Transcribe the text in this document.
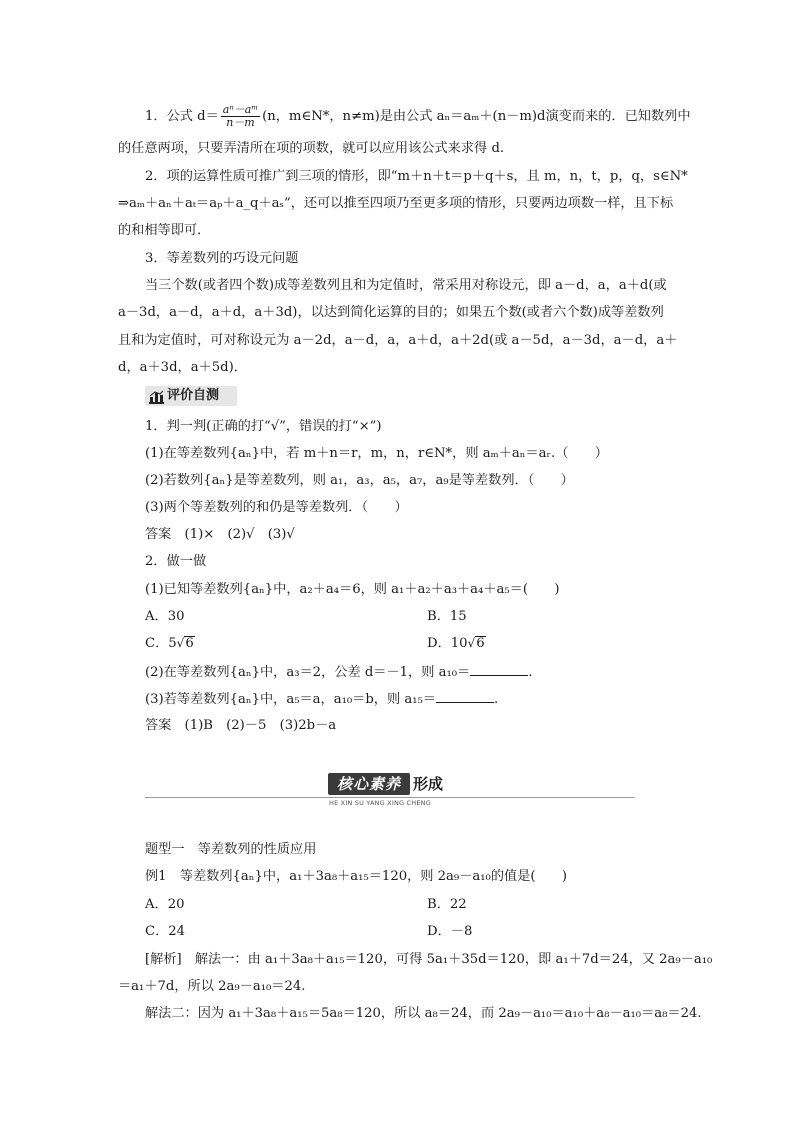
1．公式 $d= \frac{\text{aⁿ－aᵐ}}{n-m} (n$，m∈N*，n≠m)是由公式 aₙ＝aₘ＋(n－m)d演变而来的．已知数列中
的任意两项，只要弄清所在项的项数，就可以应用该公式来求得 d.
2．项的运算性质可推广到三项的情形，即“m＋n＋t＝p＋q＋s，且 m，n，t，p，q，s∈N*
⇒aₘ＋aₙ＋aₜ＝aₚ＋a_q＋aₛ”，还可以推至四项乃至更多项的情形，只要两边项数一样，且下标
的和相等即可．
3．等差数列的巧设元问题
当三个数(或者四个数)成等差数列且和为定值时，常采用对称设元，即 a－d，a，a＋d(或
a－3d，a－d，a＋d，a＋3d)，以达到简化运算的目的；如果五个数(或者六个数)成等差数列
且和为定值时，可对称设元为 a－2d，a－d，a，a＋d，a＋2d(或 a－5d，a－3d，a－d，a＋
d，a＋3d，a＋5d)．
评价自测
1．判一判(正确的打“√”，错误的打“×”)
(1)在等差数列{aₙ}中，若 m＋n＝r，m，n，r∈N*，则 aₘ＋aₙ＝aᵣ.（　　）
(2)若数列{aₙ}是等差数列，则 a₁，a₃，a₅，a₇，a₉是等差数列．（　　）
(3)两个等差数列的和仍是等差数列．（　　）
答案　(1)×　(2)√　(3)√
2．做一做
(1)已知等差数列{aₙ}中，a₂＋a₄＝6，则 a₁＋a₂＋a₃＋a₄＋a₅＝(　　)
A．30	B．15
C．5√6	D．10√6
(2)在等差数列{aₙ}中，a₃＝2，公差 d＝－1，则 a₁₀＝	.
(3)若等差数列{aₙ}中，a₅＝a，a₁₀＝b，则 a₁₅＝	.
答案　(1)B　(2)－5　(3)2b－a
核心素养 形成
HE XIN SU YANG XING CHENG
题型一　等差数列的性质应用
例1　等差数列{aₙ}中，a₁＋3a₈＋a₁₅＝120，则 2a₉－a₁₀的值是(　　)
A．20	B．22
C．24	D．－8
[解析]　解法一：由 a₁＋3a₈＋a₁₅＝120，可得 5a₁＋35d＝120，即 a₁＋7d＝24，又 2a₉－a₁₀
＝a₁＋7d，所以 2a₉－a₁₀＝24.
解法二：因为 a₁＋3a₈＋a₁₅＝5a₈＝120，所以 a₈＝24，而 2a₉－a₁₀＝a₁₀＋a₈－a₁₀＝a₈＝24.
